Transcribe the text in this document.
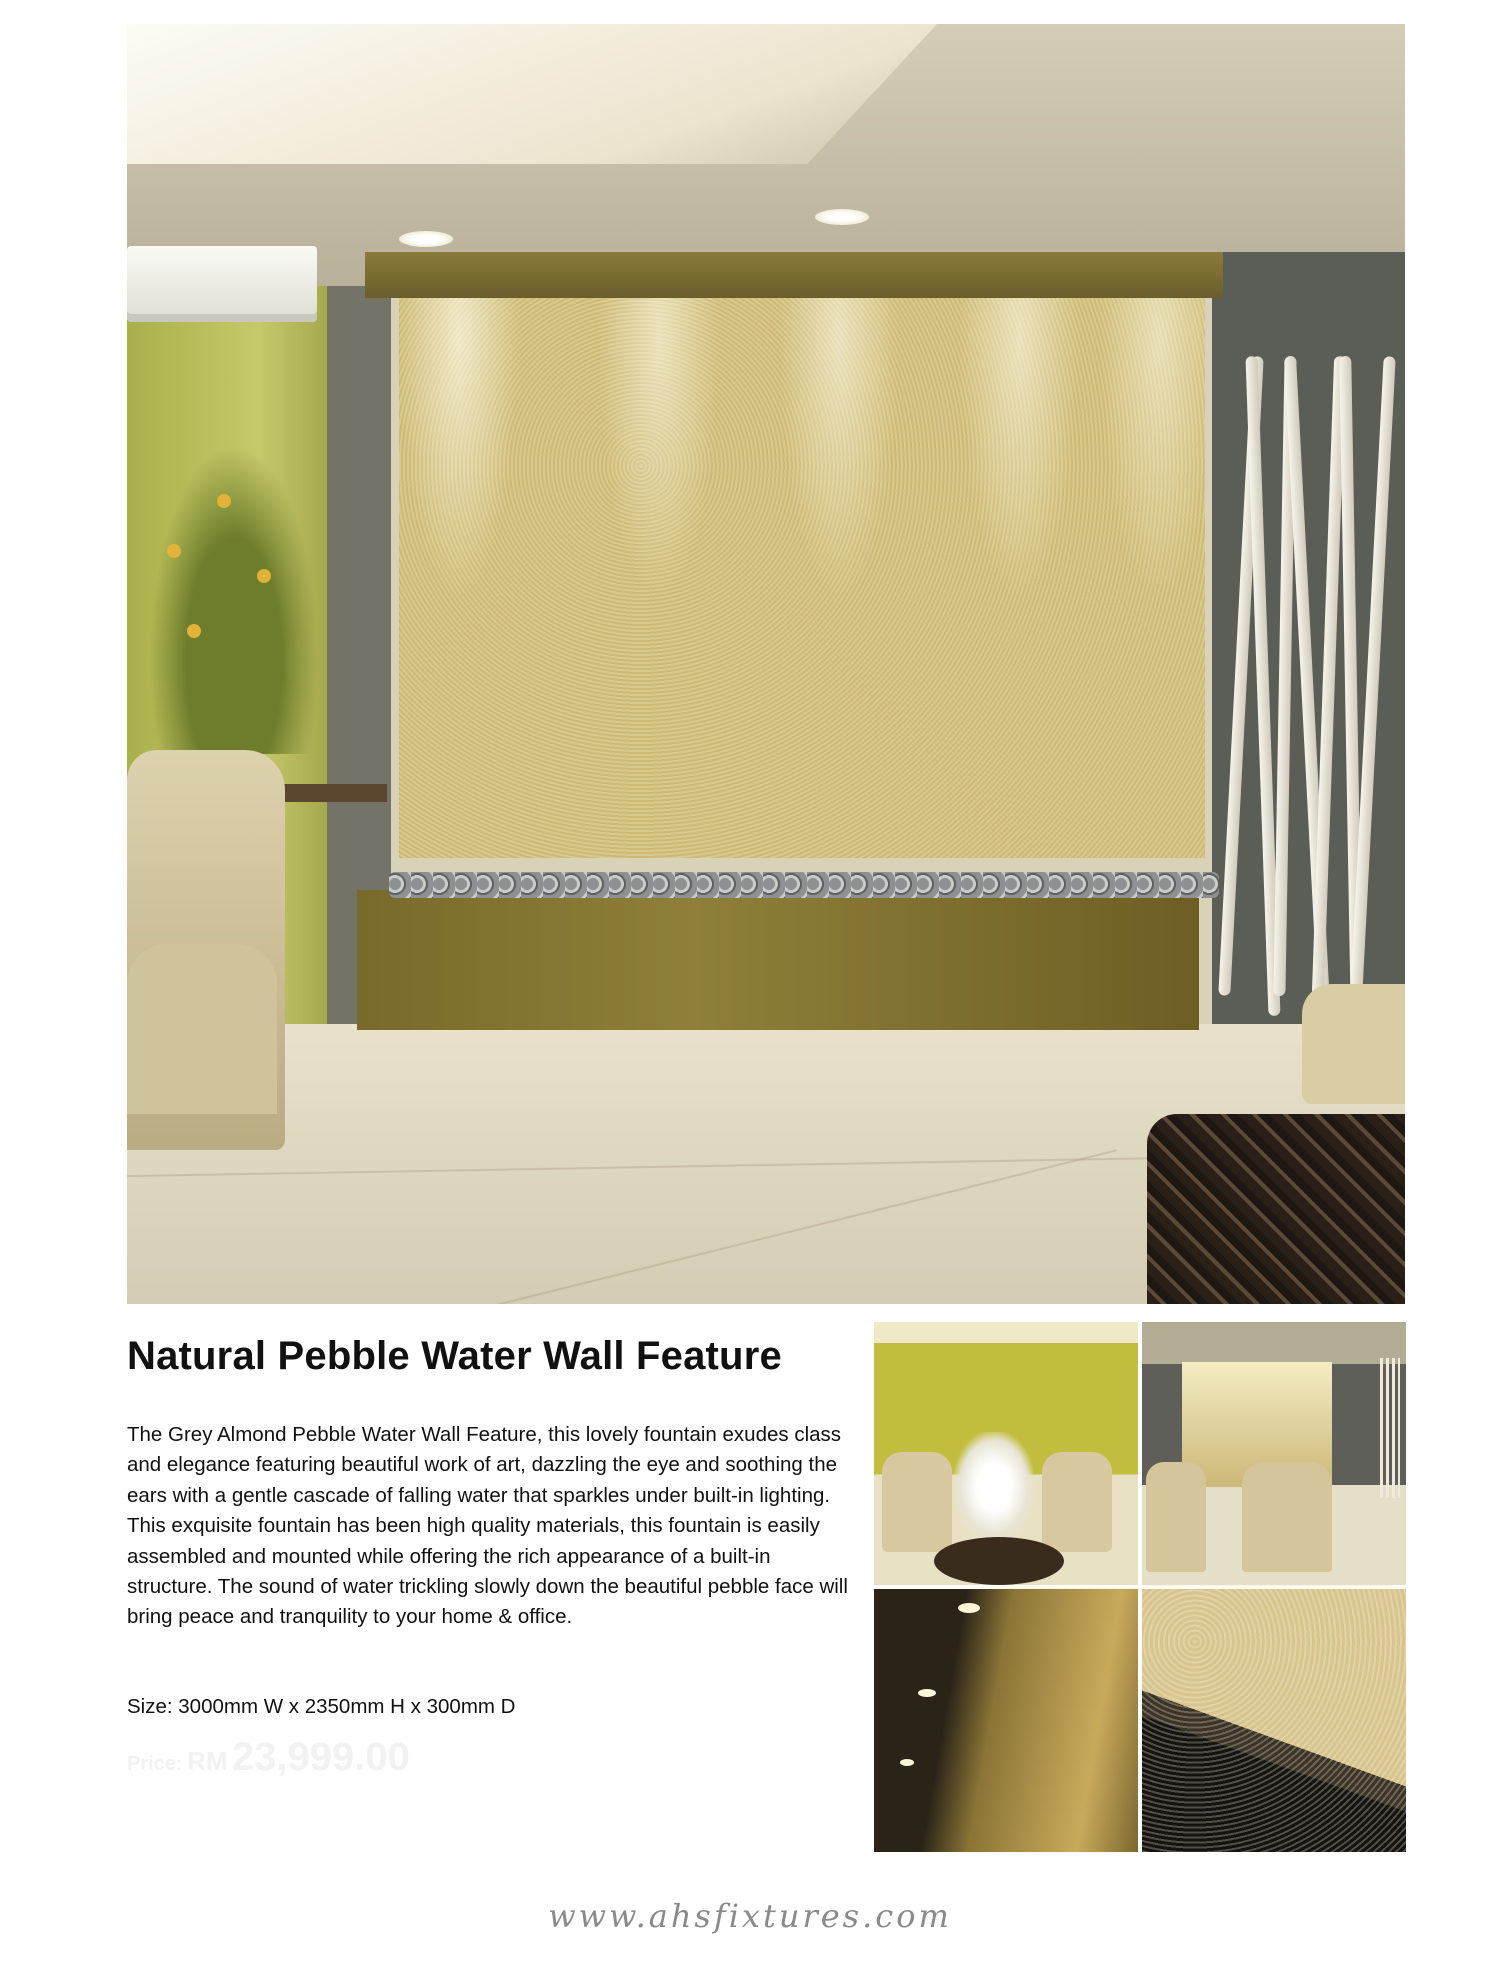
Natural Pebble Water Wall Feature

The Grey Almond Pebble Water Wall Feature, this lovely fountain exudes class and elegance featuring beautiful work of art, dazzling the eye and soothing the ears with a gentle cascade of falling water that sparkles under built-in lighting. This exquisite fountain has been high quality materials, this fountain is easily assembled and mounted while offering the rich appearance of a built-in structure. The sound of water trickling slowly down the beautiful pebble face will bring peace and tranquility to your home & office.

Size: 3000mm W x 2350mm H x 300mm D

Price: RM 23,999.00

www.ahsfixtures.com
